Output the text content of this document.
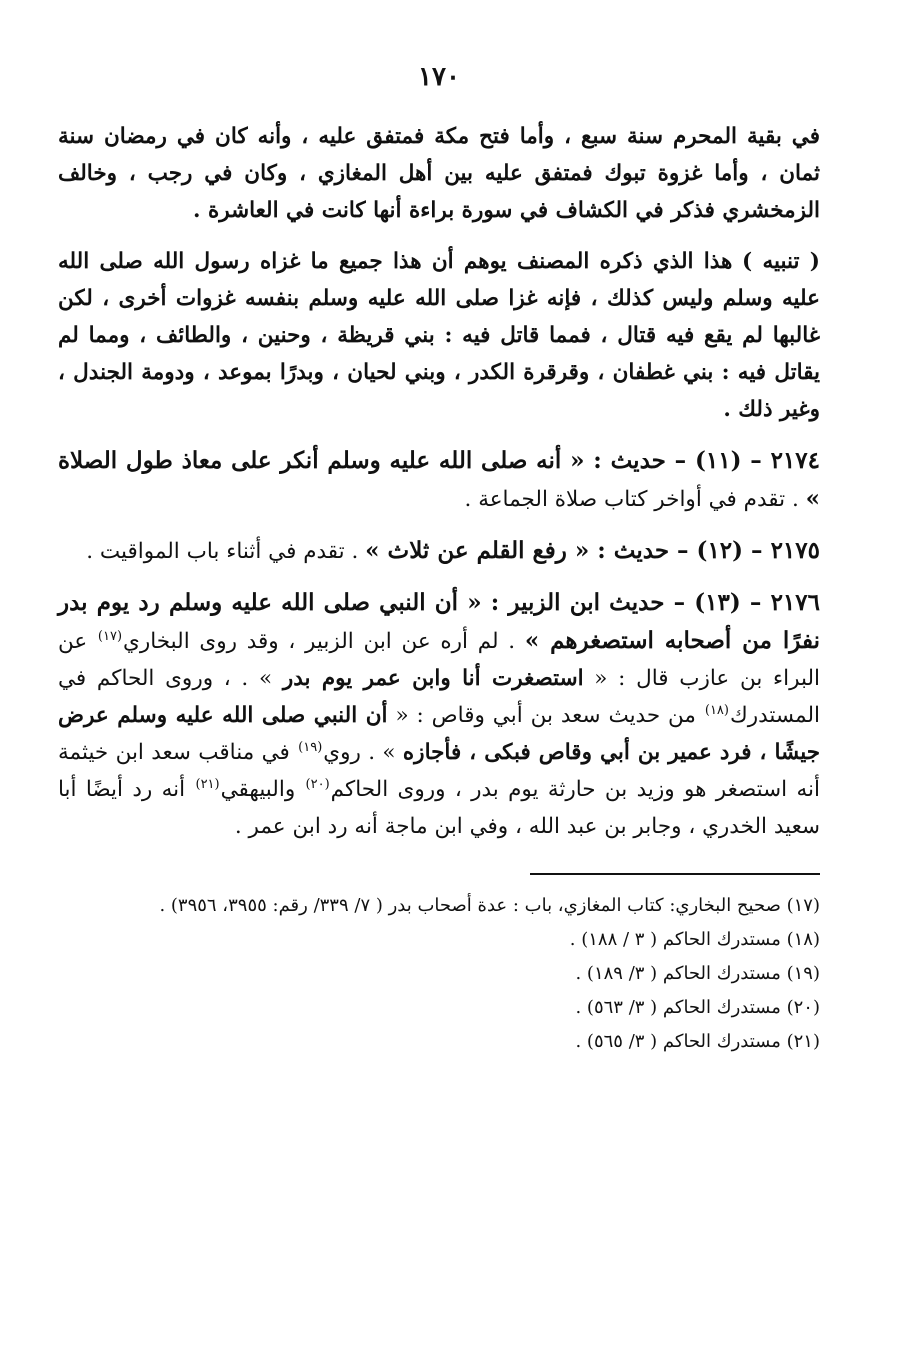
١٧٠

في بقية المحرم سنة سبع ، وأما فتح مكة فمتفق عليه ، وأنه كان في رمضان سنة ثمان ، وأما غزوة تبوك فمتفق عليه بين أهل المغازي ، وكان في رجب ، وخالف الزمخشري فذكر في الكشاف في سورة براءة أنها كانت في العاشرة .

( تنبيه ) هذا الذي ذكره المصنف يوهم أن هذا جميع ما غزاه رسول الله صلى الله عليه وسلم وليس كذلك ، فإنه غزا صلى الله عليه وسلم بنفسه غزوات أخرى ، لكن غالبها لم يقع فيه قتال ، فمما قاتل فيه : بني قريظة ، وحنين ، والطائف ، ومما لم يقاتل فيه : بني غطفان ، وقرقرة الكدر ، وبني لحيان ، وبدرًا بموعد ، ودومة الجندل ، وغير ذلك .

٢١٧٤ – (١١) – حديث : « أنه صلى الله عليه وسلم أنكر على معاذ طول الصلاة » . تقدم في أواخر كتاب صلاة الجماعة .

٢١٧٥ – (١٢) – حديث : « رفع القلم عن ثلاث » . تقدم في أثناء باب المواقيت .

٢١٧٦ – (١٣) – حديث ابن الزبير : « أن النبي صلى الله عليه وسلم رد يوم بدر نفرًا من أصحابه استصغرهم » . لم أره عن ابن الزبير ، وقد روى البخاري$^{(١٧)}$ عن البراء بن عازب قال : « استصغرت أنا وابن عمر يوم بدر » . ، وروى الحاكم في المستدرك$^{(١٨)}$ من حديث سعد بن أبي وقاص : « أن النبي صلى الله عليه وسلم عرض جيشًا ، فرد عمير بن أبي وقاص فبكى ، فأجازه » . روي$^{(١٩)}$ في مناقب سعد ابن خيثمة أنه استصغر هو وزيد بن حارثة يوم بدر ، وروى الحاكم$^{(٢٠)}$ والبيهقي$^{(٢١)}$ أنه رد أيضًا أبا سعيد الخدري ، وجابر بن عبد الله ، وفي ابن ماجة أنه رد ابن عمر .

(١٧) صحيح البخاري: كتاب المغازي، باب : عدة أصحاب بدر ( ٧/ ٣٣٩/ رقم: ٣٩٥٥، ٣٩٥٦) .

(١٨) مستدرك الحاكم ( ٣ / ١٨٨) .

(١٩) مستدرك الحاكم ( ٣/ ١٨٩) .

(٢٠) مستدرك الحاكم ( ٣/ ٥٦٣) .

(٢١) مستدرك الحاكم ( ٣/ ٥٦٥) .
